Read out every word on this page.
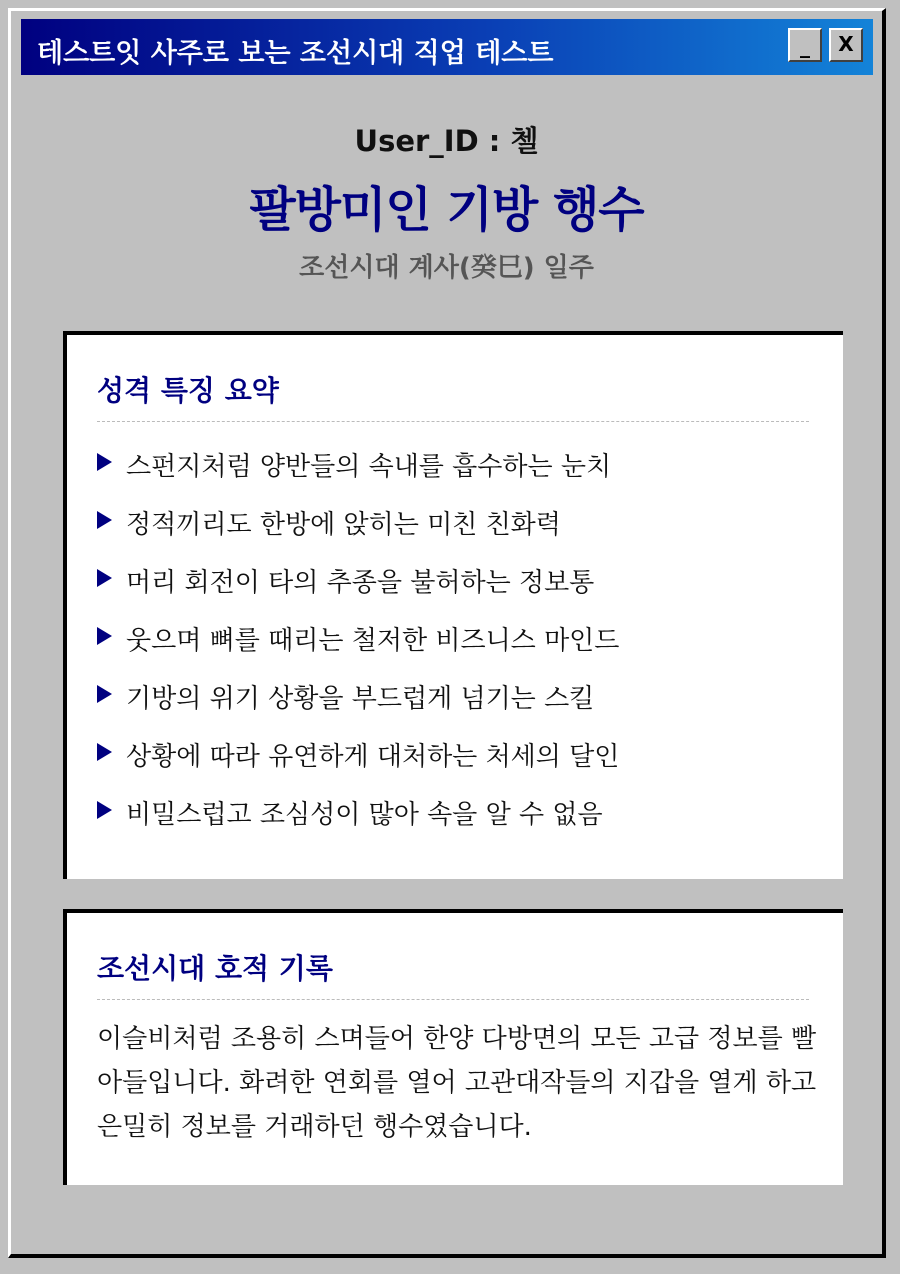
테스트잇 사주로 보는 조선시대 직업 테스트	_	X
User_ID : 첼
팔방미인 기방 행수
조선시대 계사(癸巳) 일주
성격 특징 요약
스펀지처럼 양반들의 속내를 흡수하는 눈치
정적끼리도 한방에 앉히는 미친 친화력
머리 회전이 타의 추종을 불허하는 정보통
웃으며 뼈를 때리는 철저한 비즈니스 마인드
기방의 위기 상황을 부드럽게 넘기는 스킬
상황에 따라 유연하게 대처하는 처세의 달인
비밀스럽고 조심성이 많아 속을 알 수 없음
조선시대 호적 기록
이슬비처럼 조용히 스며들어 한양 다방면의 모든 고급 정보를 빨아들입니다. 화려한 연회를 열어 고관대작들의 지갑을 열게 하고 은밀히 정보를 거래하던 행수였습니다.
